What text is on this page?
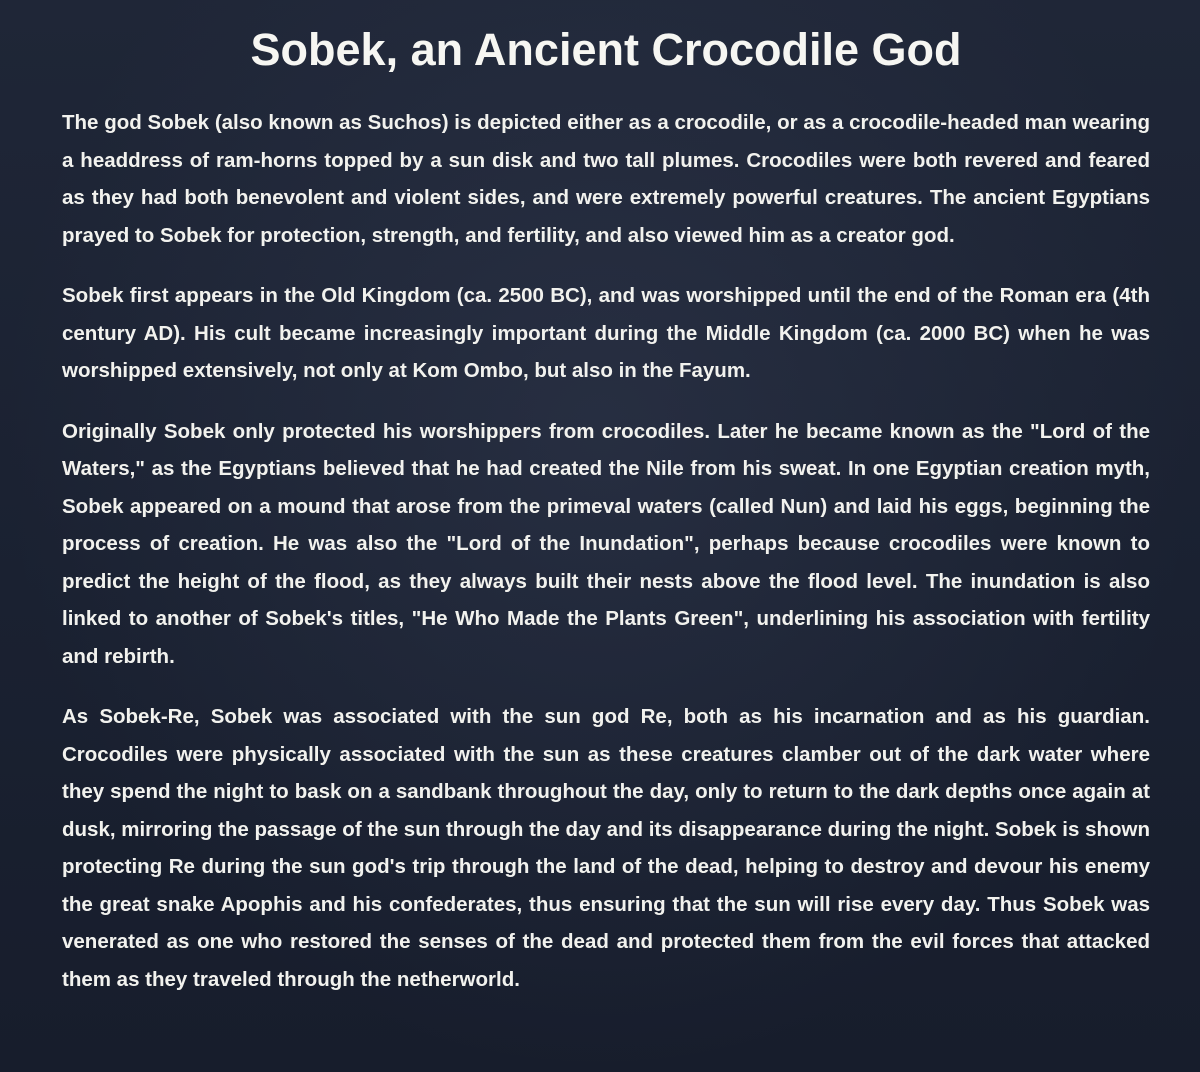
Sobek, an Ancient Crocodile God

The god Sobek (also known as Suchos) is depicted either as a crocodile, or as a crocodile-headed man wearing a headdress of ram-horns topped by a sun disk and two tall plumes. Crocodiles were both revered and feared as they had both benevolent and violent sides, and were extremely powerful creatures. The ancient Egyptians prayed to Sobek for protection, strength, and fertility, and also viewed him as a creator god.

Sobek first appears in the Old Kingdom (ca. 2500 BC), and was worshipped until the end of the Roman era (4th century AD). His cult became increasingly important during the Middle Kingdom (ca. 2000 BC) when he was worshipped extensively, not only at Kom Ombo, but also in the Fayum.

Originally Sobek only protected his worshippers from crocodiles. Later he became known as the "Lord of the Waters," as the Egyptians believed that he had created the Nile from his sweat. In one Egyptian creation myth, Sobek appeared on a mound that arose from the primeval waters (called Nun) and laid his eggs, beginning the process of creation. He was also the "Lord of the Inundation", perhaps because crocodiles were known to predict the height of the flood, as they always built their nests above the flood level. The inundation is also linked to another of Sobek's titles, "He Who Made the Plants Green", underlining his association with fertility and rebirth.

As Sobek-Re, Sobek was associated with the sun god Re, both as his incarnation and as his guardian. Crocodiles were physically associated with the sun as these creatures clamber out of the dark water where they spend the night to bask on a sandbank throughout the day, only to return to the dark depths once again at dusk, mirroring the passage of the sun through the day and its disappearance during the night. Sobek is shown protecting Re during the sun god's trip through the land of the dead, helping to destroy and devour his enemy the great snake Apophis and his confederates, thus ensuring that the sun will rise every day. Thus Sobek was venerated as one who restored the senses of the dead and protected them from the evil forces that attacked them as they traveled through the netherworld.
